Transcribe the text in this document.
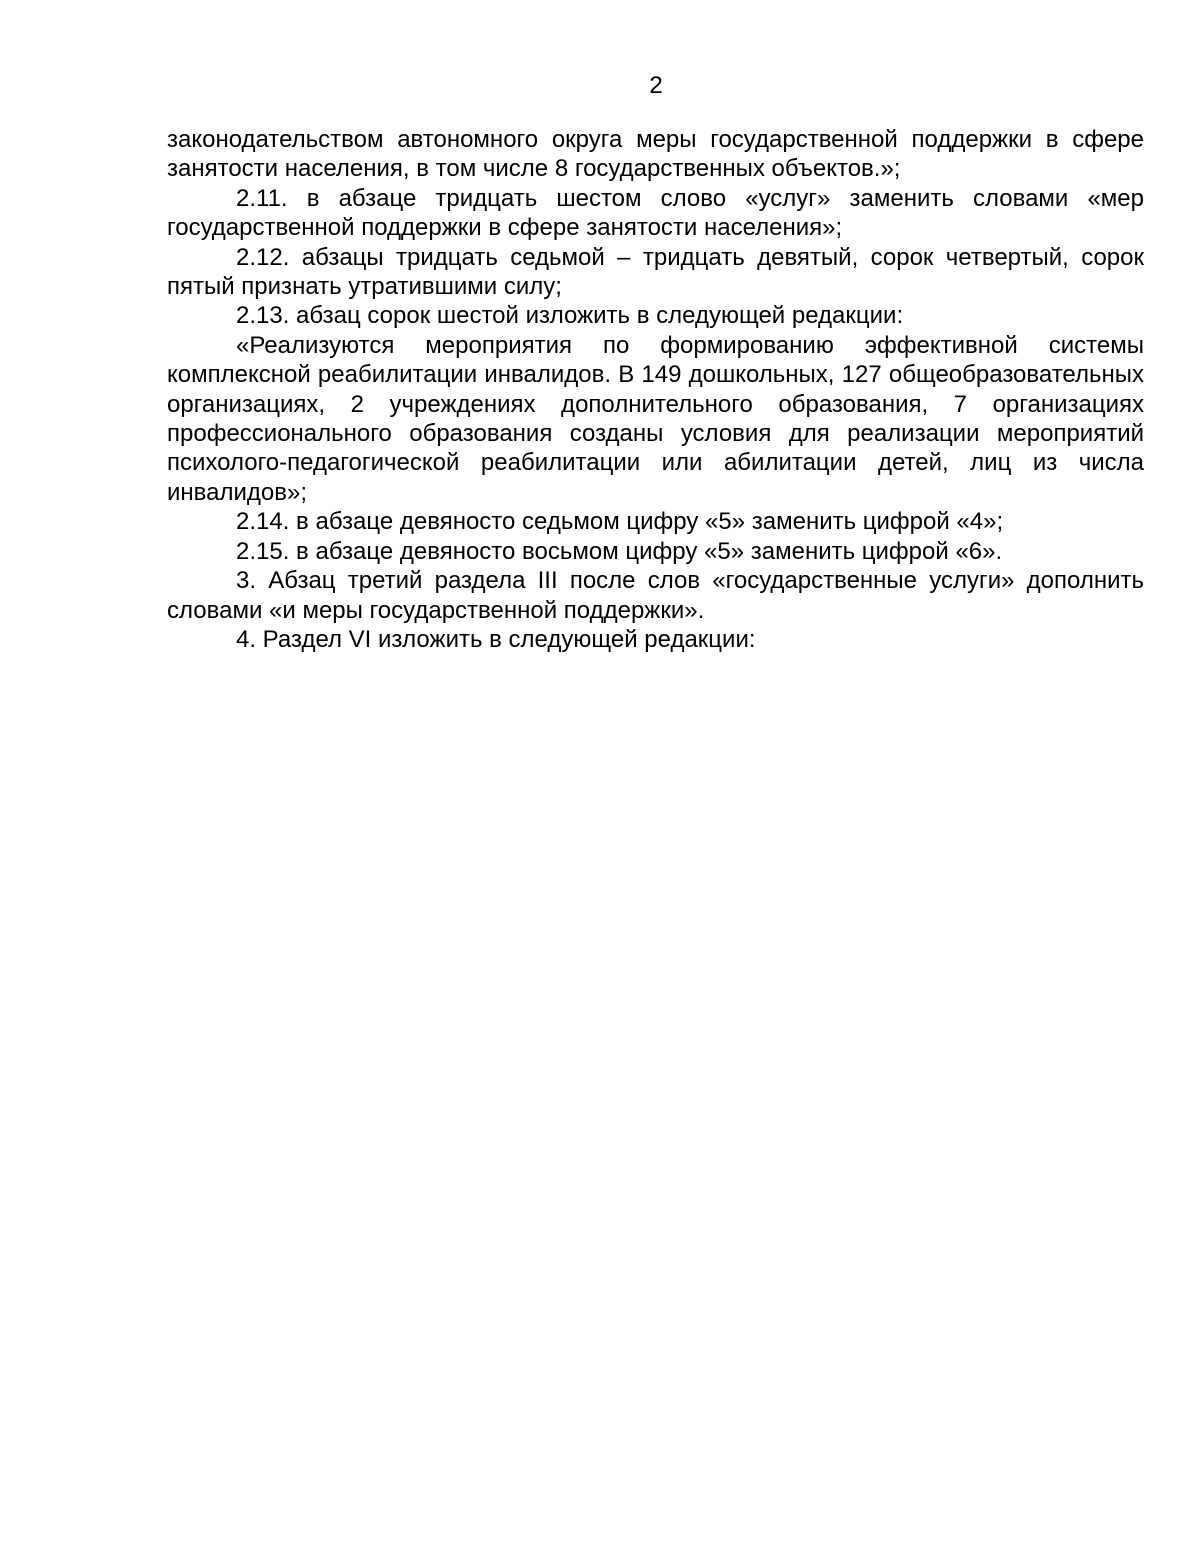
2

законодательством автономного округа меры государственной поддержки в сфере занятости населения, в том числе 8 государственных объектов.»;

2.11. в абзаце тридцать шестом слово «услуг» заменить словами «мер государственной поддержки в сфере занятости населения»;

2.12. абзацы тридцать седьмой – тридцать девятый, сорок четвертый, сорок пятый признать утратившими силу;

2.13. абзац сорок шестой изложить в следующей редакции:

«Реализуются мероприятия по формированию эффективной системы комплексной реабилитации инвалидов. В 149 дошкольных, 127 общеобразовательных организациях, 2 учреждениях дополнительного образования, 7 организациях профессионального образования созданы условия для реализации мероприятий психолого-педагогической реабилитации или абилитации детей, лиц из числа инвалидов»;

2.14. в абзаце девяносто седьмом цифру «5» заменить цифрой «4»;

2.15. в абзаце девяносто восьмом цифру «5» заменить цифрой «6».

3. Абзац третий раздела III после слов «государственные услуги» дополнить словами «и меры государственной поддержки».

4. Раздел VI изложить в следующей редакции:
